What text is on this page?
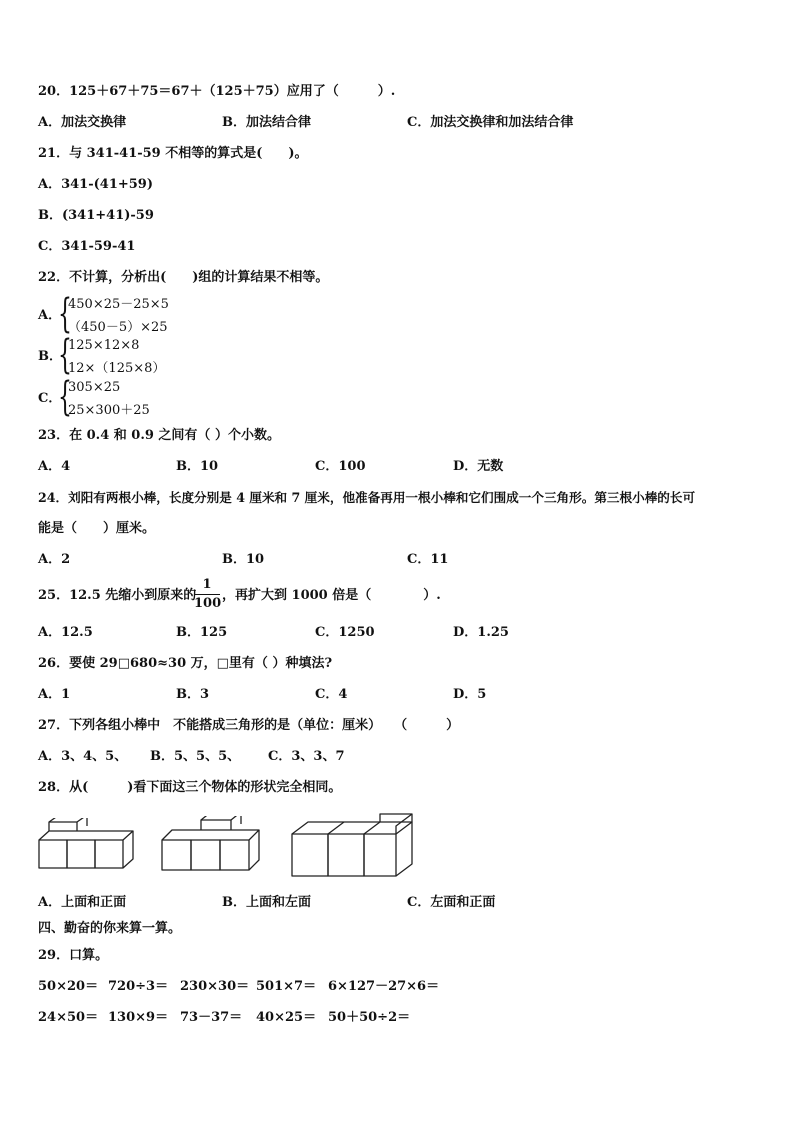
20．125＋67＋75＝67＋（125＋75）应用了（　　　）.
A．加法交换律	B．加法结合律	C．加法交换律和加法结合律
21．与 341-41-59 不相等的算式是(　　)。
A．341-(41+59)
B．(341+41)-59
C．341-59-41
22．不计算，分析出(　　)组的计算结果不相等。
A．
{
450×25－25×5
（450－5）×25
B．
{
125×12×8
12×（125×8）
C．
{
305×25
25×300＋25
23．在 0.4 和 0.9 之间有（ ）个小数。
A．4	B．10	C．100	D．无数
24．刘阳有两根小棒，长度分别是 4 厘米和 7 厘米，他准备再用一根小棒和它们围成一个三角形。第三根小棒的长可
能是（　　）厘米。
A．2	B．10	C．11
25．12.5 先缩小到原来的
1
100
，再扩大到 1000 倍是（　　　　）.
A．12.5	B．125	C．1250	D．1.25
26．要使 29□680≈30 万，□里有（ ）种填法?
A．1	B．3	C．4	D．5
27．下列各组小棒中　不能搭成三角形的是（单位：厘米）　　（　　　）
A．3、4、5、 B．5、5、5、 C．3、3、7
28．从(　　　)看下面这三个物体的形状完全相同。
A．上面和正面	B．上面和左面	C．左面和正面
四、勤奋的你来算一算。
29．口算。
50×20＝ 720÷3＝ 230×30＝ 501×7＝ 6×127－27×6＝
24×50＝ 130×9＝ 73－37＝ 40×25＝ 50＋50÷2＝
